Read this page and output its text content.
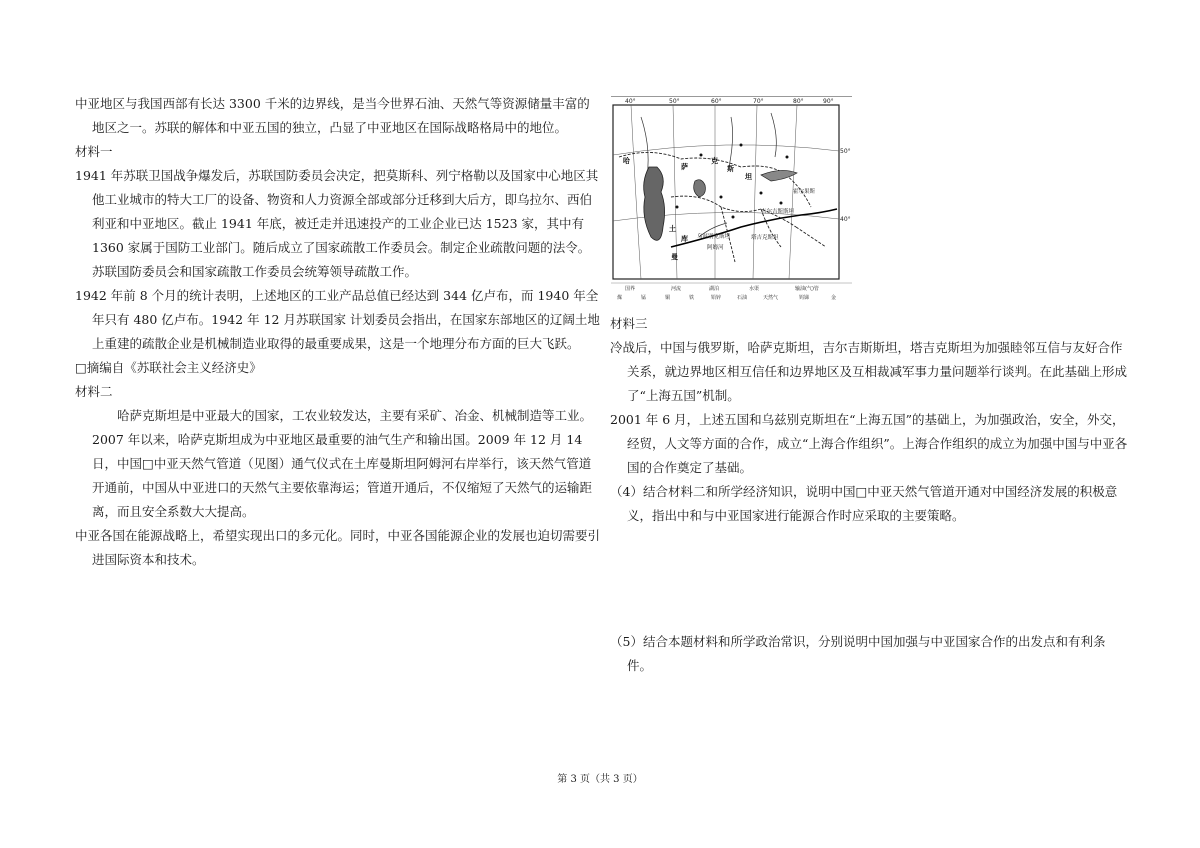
中亚地区与我国西部有长达 3300 千米的边界线，是当今世界石油、天然气等资源储量丰富的 地区之一。苏联的解体和中亚五国的独立，凸显了中亚地区在国际战略格局中的地位。

材料一

1941 年苏联卫国战争爆发后，苏联国防委员会决定，把莫斯科、列宁格勒以及国家中心地区其他工业城市的特大工厂的设备、物资和人力资源全部或部分迁移到大后方，即乌拉尔、西伯利亚和中亚地区。截止 1941 年底，被迁走并迅速投产的工业企业已达 1523 家，其中有 1360 家属于国防工业部门。随后成立了国家疏散工作委员会。制定企业疏散问题的法令。苏联国防委员会和国家疏散工作委员会统筹领导疏散工作。

1942 年前 8 个月的统计表明，上述地区的工业产品总值已经达到 344 亿卢布，而 1940 年全年只有 480 亿卢布。1942 年 12 月苏联国家 计划委员会指出，在国家东部地区的辽阔土地上重建的疏散企业是机械制造业取得的最重要成果，这是一个地理分布方面的巨大飞跃。

□摘编自《苏联社会主义经济史》

材料二

哈萨克斯坦是中亚最大的国家，工农业较发达，主要有采矿、冶金、机械制造等工业。2007 年以来，哈萨克斯坦成为中亚地区最重要的油气生产和输出国。2009 年 12 月 14 日，中国□中亚天然气管道（见图）通气仪式在土库曼斯坦阿姆河右岸举行，该天然气管道开通前，中国从中亚进口的天然气主要依靠海运；管道开通后，不仅缩短了天然气的运输距离，而且安全系数大大提高。

中亚各国在能源战略上，希望实现出口的多元化。同时，中亚各国能源企业的发展也迫切需要引进国际资本和技术。

40°	50°	60°	70°	80°	90°
50°
40°
哈
萨
克
斯
坦
土
库
曼
乌兹别克斯坦
吉尔吉斯斯坦
塔吉克斯坦
阿姆河
霍尔果斯
国界	河流	湖泊	水渠	输油(气)管
煤	锰	铜	铁	铅锌	石油	天然气	钨锑	金

材料三

冷战后，中国与俄罗斯，哈萨克斯坦，吉尔吉斯斯坦，塔吉克斯坦为加强睦邻互信与友好合作关系，就边界地区相互信任和边界地区及互相裁减军事力量问题举行谈判。在此基础上形成了“上海五国”机制。

2001 年 6 月，上述五国和乌兹别克斯坦在“上海五国”的基础上，为加强政治，安全，外交，经贸，人文等方面的合作，成立“上海合作组织”。上海合作组织的成立为加强中国与中亚各国的合作奠定了基础。

（4）结合材料二和所学经济知识，说明中国□中亚天然气管道开通对中国经济发展的积极意义，指出中和与中亚国家进行能源合作时应采取的主要策略。

（5）结合本题材料和所学政治常识，分别说明中国加强与中亚国家合作的出发点和有利条件。

第 3 页（共 3 页）
